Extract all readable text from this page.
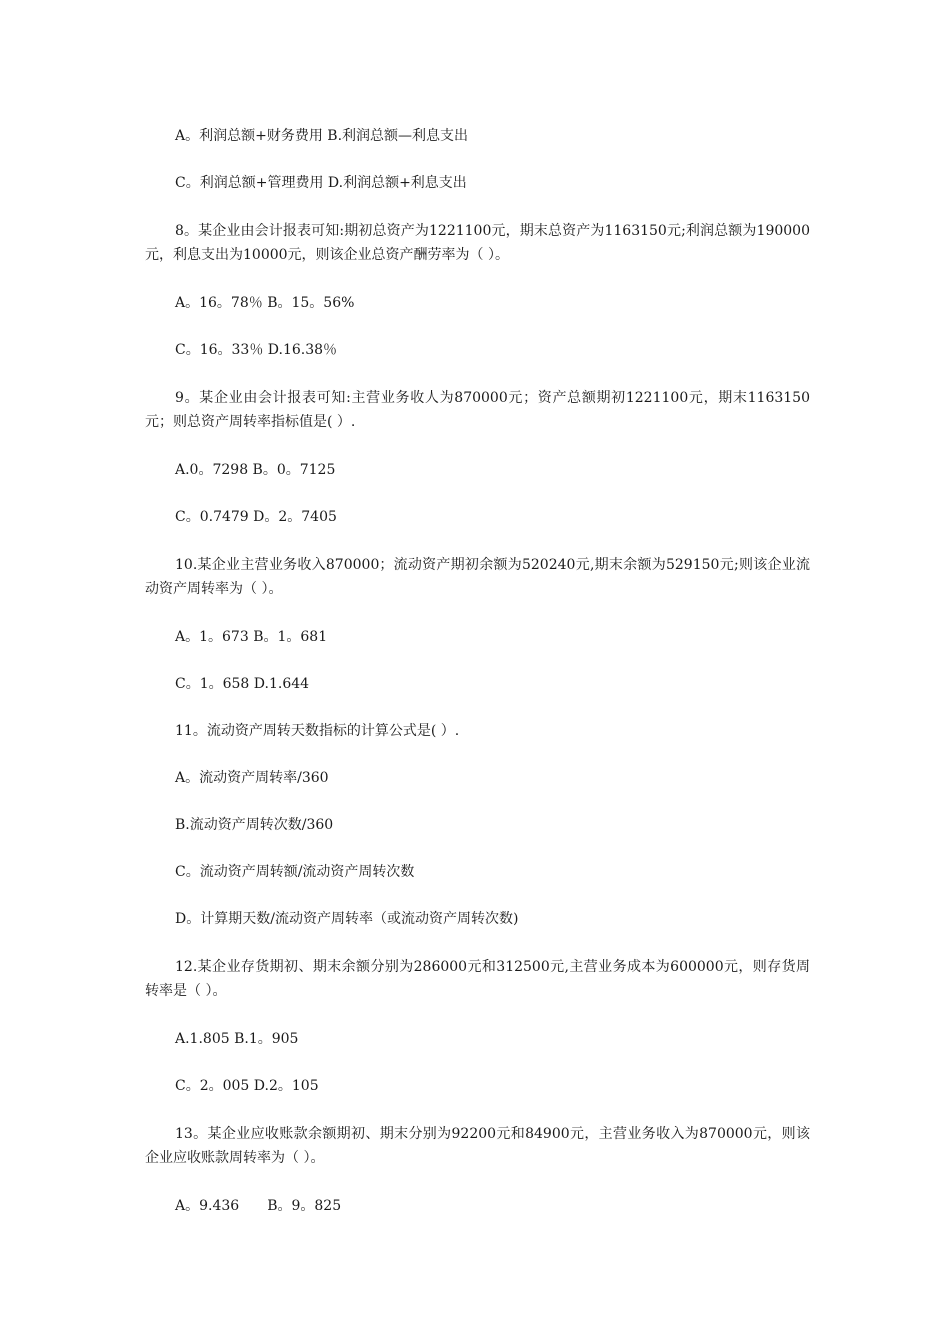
A。利润总额+财务费用 B.利润总额—利息支出
C。利润总额+管理费用 D.利润总额+利息支出
8。某企业由会计报表可知:期初总资产为1221100元，期末总资产为1163150元;利润总额为190000元，利息支出为10000元，则该企业总资产酬劳率为（ ）。
A。16。78％ B。15。56%
C。16。33％ D.16.38％
9。某企业由会计报表可知:主营业务收人为870000元；资产总额期初1221100元，期末1163150元；则总资产周转率指标值是( ）.
A.0。7298 B。0。7125
C。0.7479 D。2。7405
10.某企业主营业务收入870000；流动资产期初余额为520240元,期末余额为529150元;则该企业流动资产周转率为（ ）。
A。1。673 B。1。681
C。1。658 D.1.644
11。流动资产周转天数指标的计算公式是( ）.
A。流动资产周转率/360
B.流动资产周转次数/360
C。流动资产周转额/流动资产周转次数
D。计算期天数/流动资产周转率（或流动资产周转次数)
12.某企业存货期初、期末余额分别为286000元和312500元,主营业务成本为600000元，则存货周转率是（ ）。
A.1.805 B.1。905
C。2。005 D.2。105
13。某企业应收账款余额期初、期末分别为92200元和84900元，主营业务收入为870000元，则该企业应收账款周转率为（ ）。
A。9.436　　B。9。825
